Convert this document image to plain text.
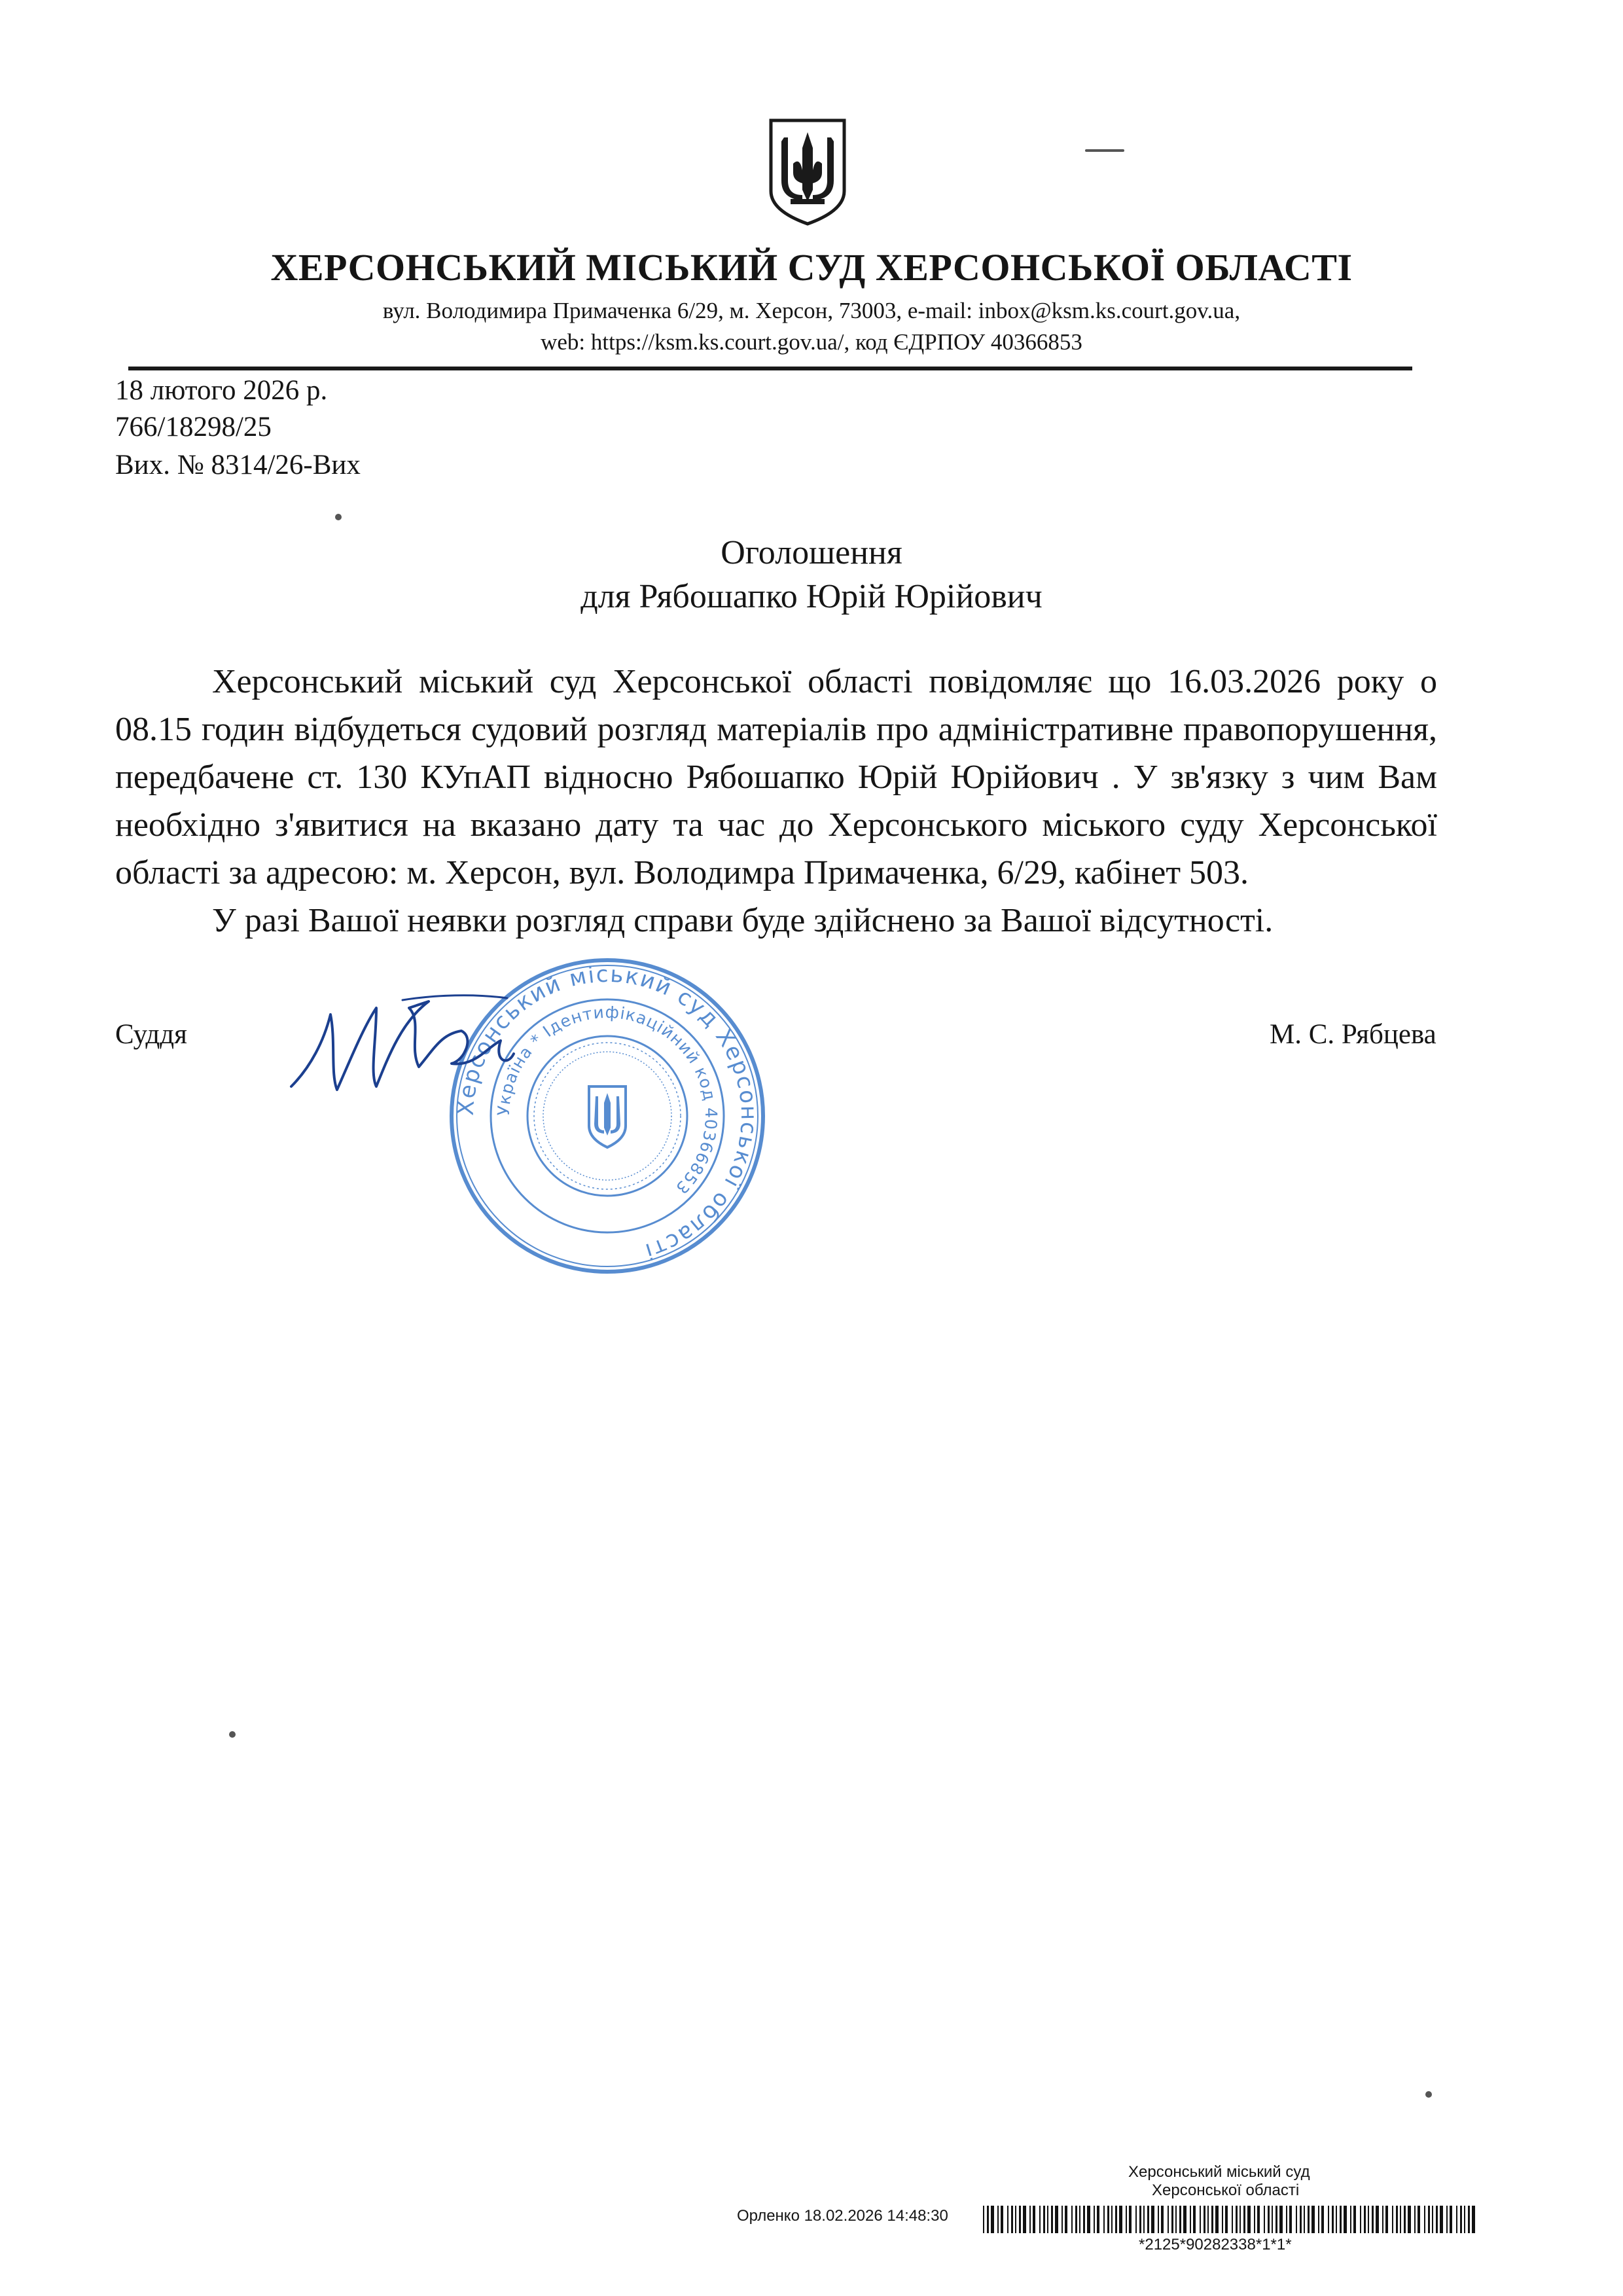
ХЕРСОНСЬКИЙ МІСЬКИЙ СУД ХЕРСОНСЬКОЇ ОБЛАСТІ
вул. Володимира Примаченка 6/29, м. Херсон, 73003, e-mail: inbox@ksm.ks.court.gov.ua,
web: https://ksm.ks.court.gov.ua/, код ЄДРПОУ 40366853
18 лютого 2026 р.
766/18298/25
Вих. № 8314/26-Вих
Оголошення
для Рябошапко Юрій Юрійович

Херсонський міський суд Херсонської області повідомляє що 16.03.2026 року о 08.15 годин відбудеться судовий розгляд матеріалів про адміністративне правопорушення, передбачене ст. 130 КУпАП відносно Рябошапко Юрій Юрійович . У зв'язку з чим Вам необхідно з'явитися на вказано дату та час до Херсонського міського суду Херсонської області за адресою: м. Херсон, вул. Володимра Примаченка, 6/29, кабінет 503.

У разі Вашої неявки розгляд справи буде здійснено за Вашої відсутності.

Суддя	М. С. Рябцева
Херсонський міський суд Херсонської області
Україна * Ідентифікаційний код 40366853
Херсонський міський суд
Херсонської області
Орленко 18.02.2026 14:48:30
*2125*90282338*1*1*
